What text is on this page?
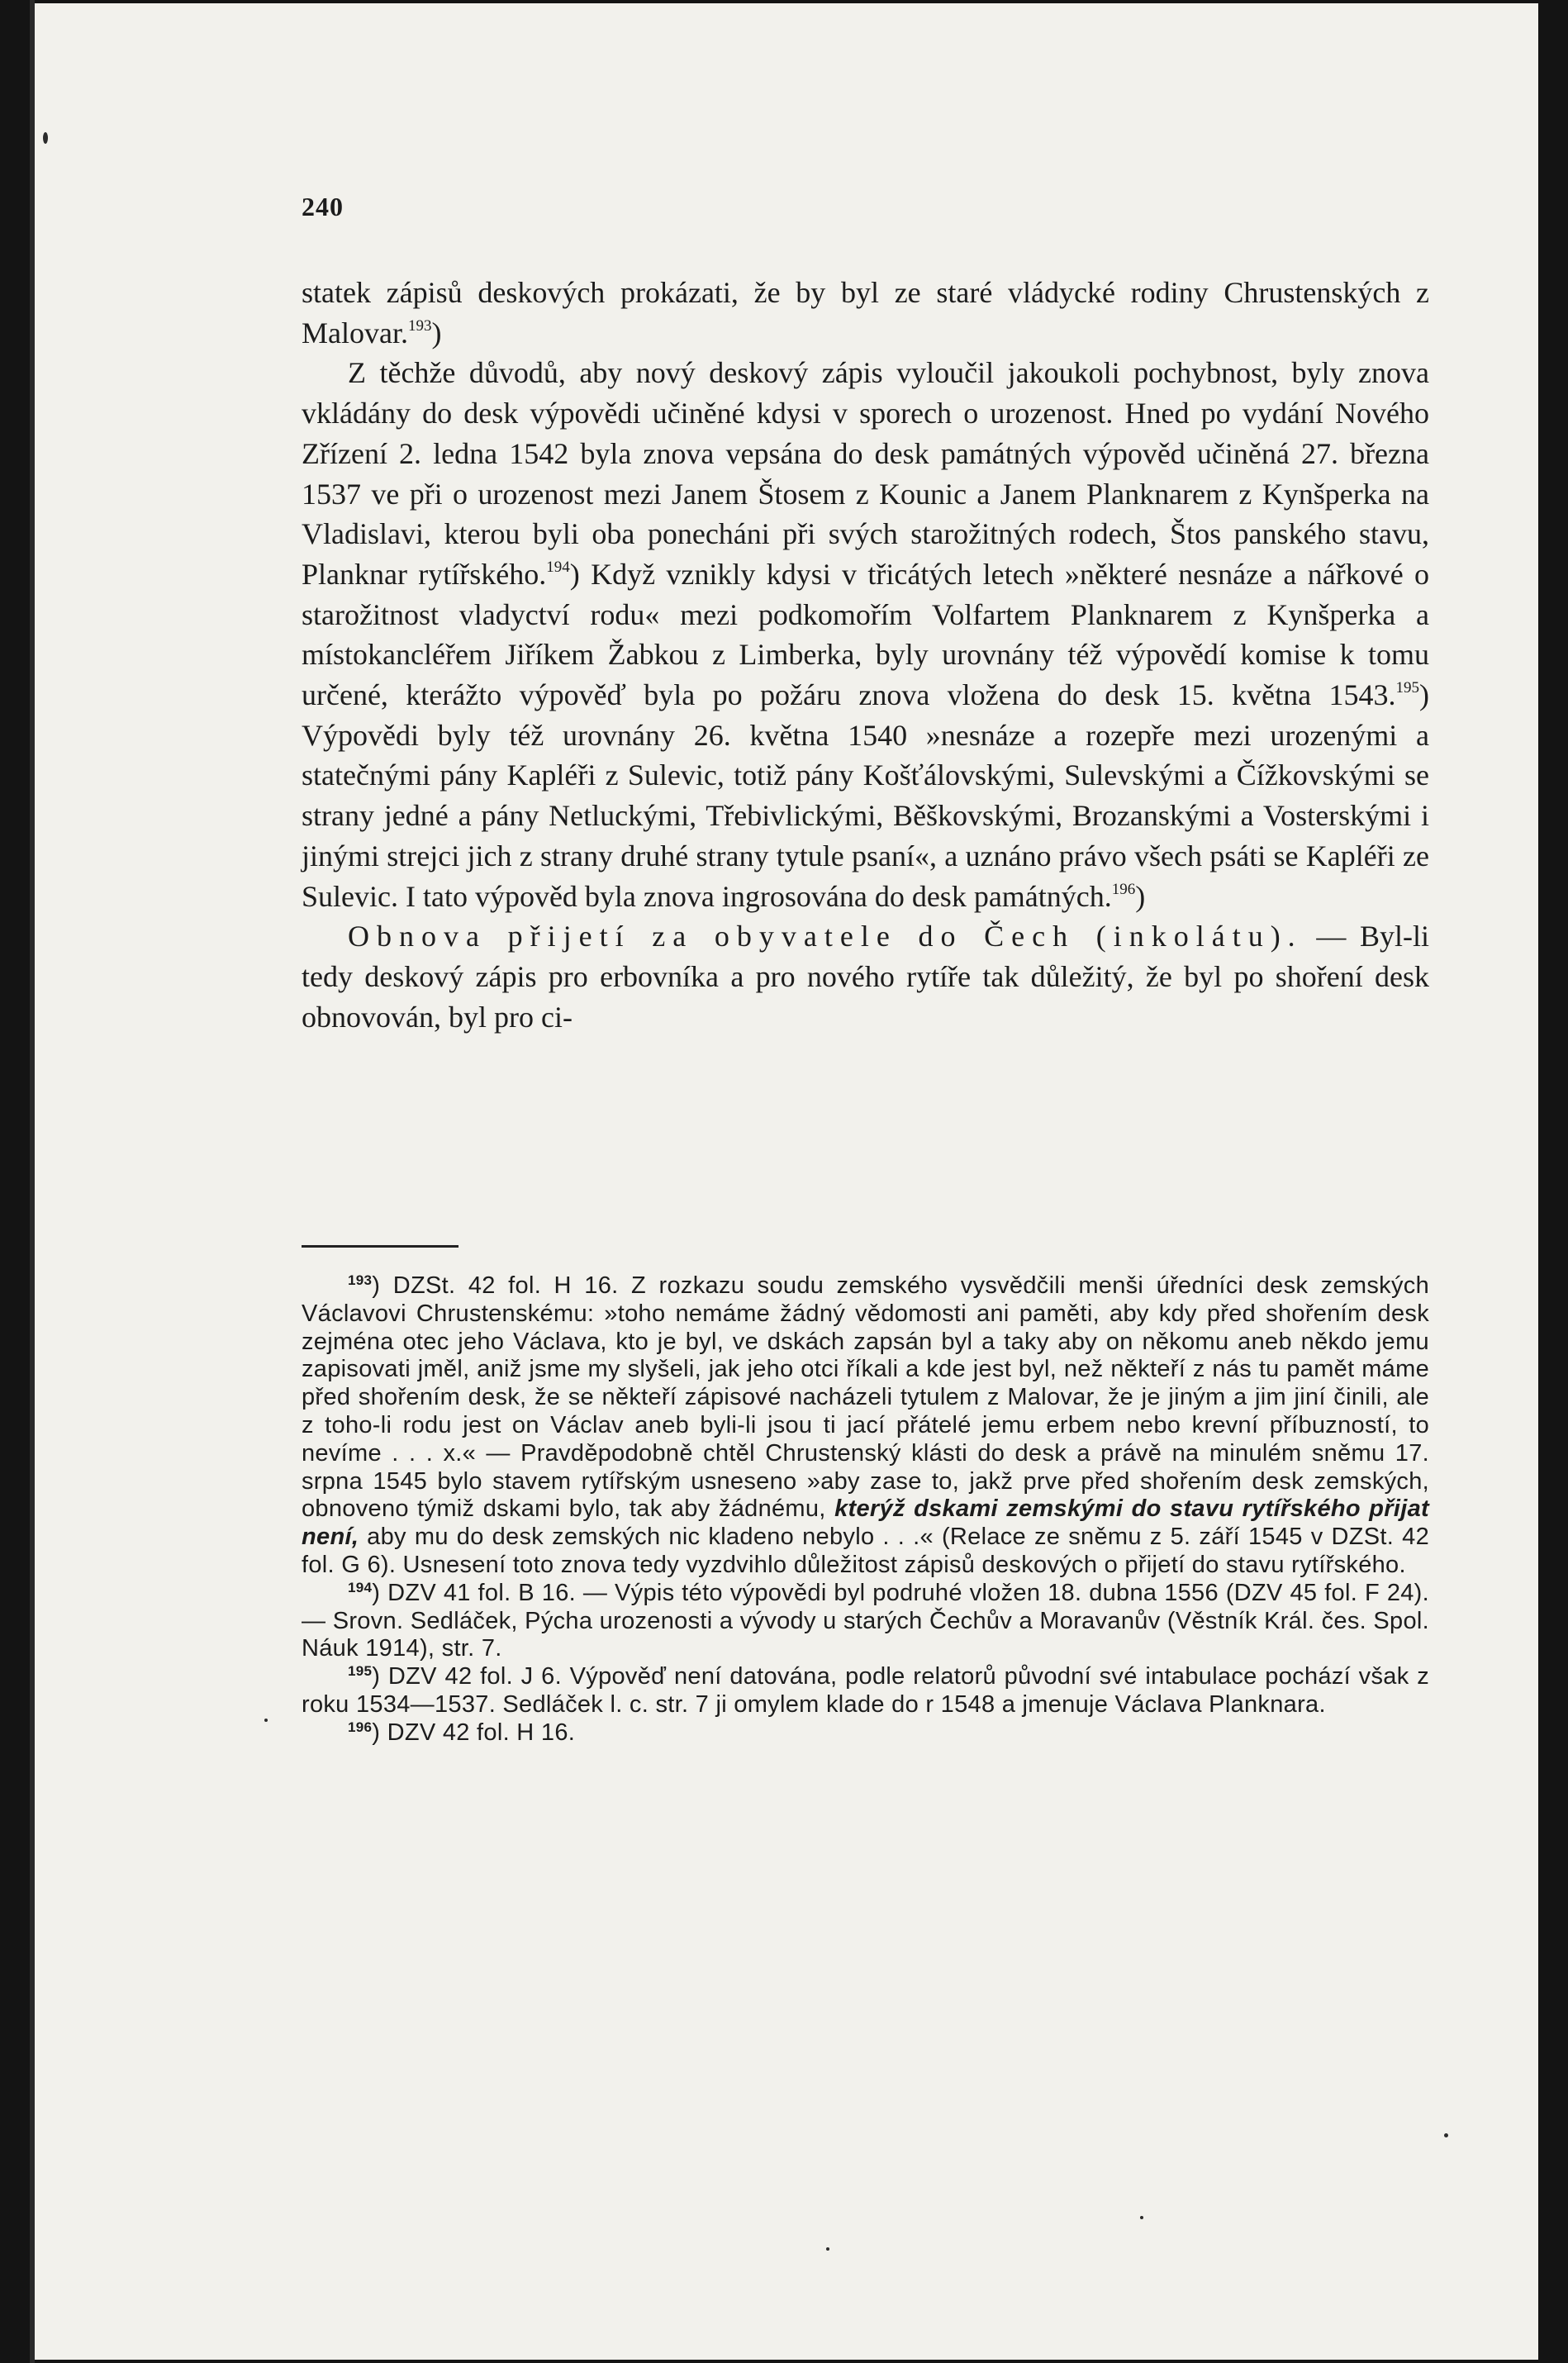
240

statek zápisů deskových prokázati, že by byl ze staré vládycké rodiny Chrustenských z Malovar.$^{193}$)

Z těchže důvodů, aby nový deskový zápis vyloučil jakoukoli pochybnost, byly znova vkládány do desk výpovědi učiněné kdysi v sporech o urozenost. Hned po vydání Nového Zřízení 2. ledna 1542 byla znova vepsána do desk památných výpověd učiněná 27. března 1537 ve při o urozenost mezi Janem Štosem z Kounic a Janem Planknarem z Kynšperka na Vladislavi, kterou byli oba ponecháni při svých starožitných rodech, Štos panského stavu, Planknar rytířského.$^{194}$) Když vznikly kdysi v třicátých letech »některé nesnáze a nářkové o starožitnost vladyctví rodu« mezi podkomořím Volfartem Planknarem z Kynšperka a místokancléřem Jiříkem Žabkou z Limberka, byly urovnány též výpovědí komise k tomu určené, kterážto výpověď byla po požáru znova vložena do desk 15. května 1543.$^{195}$) Výpovědi byly též urovnány 26. května 1540 »nesnáze a rozepře mezi urozenými a statečnými pány Kapléři z Sulevic, totiž pány Košťálovskými, Sulevskými a Čížkovskými se strany jedné a pány Netluckými, Třebivlickými, Běškovskými, Brozanskými a Vosterskými i jinými strejci jich z strany druhé strany tytule psaní«, a uznáno právo všech psáti se Kapléři ze Sulevic. I tato výpověd byla znova ingrosována do desk památných.$^{196}$)

Obnova přijetí za obyvatele do Čech (inkolátu). — Byl-li tedy deskový zápis pro erbovníka a pro nového rytíře tak důležitý, že byl po shoření desk obnovován, byl pro ci-

$^{193}$) DZSt. 42 fol. H 16. Z rozkazu soudu zemského vysvědčili menši úředníci desk zemských Václavovi Chrustenskému: »toho nemáme žádný vědomosti ani paměti, aby kdy před shořením desk zejména otec jeho Václava, kto je byl, ve dskách zapsán byl a taky aby on někomu aneb někdo jemu zapisovati jměl, aniž jsme my slyšeli, jak jeho otci říkali a kde jest byl, než někteří z nás tu pamět máme před shořením desk, že se někteří zápisové nacházeli tytulem z Malovar, že je jiným a jim jiní činili, ale z toho-li rodu jest on Václav aneb byli-li jsou ti jací přátelé jemu erbem nebo krevní příbuzností, to nevíme . . . x.« — Pravděpodobně chtěl Chrustenský klásti do desk a právě na minulém sněmu 17. srpna 1545 bylo stavem rytířským usneseno »aby zase to, jakž prve před shořením desk zemských, obnoveno týmiž dskami bylo, tak aby žádnému, kterýž dskami zemskými do stavu rytířského přijat není, aby mu do desk zemských nic kladeno nebylo . . .« (Relace ze sněmu z 5. září 1545 v DZSt. 42 fol. G 6). Usnesení toto znova tedy vyzdvihlo důležitost zápisů deskových o přijetí do stavu rytířského.

$^{194}$) DZV 41 fol. B 16. — Výpis této výpovědi byl podruhé vložen 18. dubna 1556 (DZV 45 fol. F 24). — Srovn. Sedláček, Pýcha urozenosti a vývody u starých Čechův a Moravanův (Věstník Král. čes. Spol. Náuk 1914), str. 7.

$^{195}$) DZV 42 fol. J 6. Výpověď není datována, podle relatorů původní své intabulace pochází však z roku 1534—1537. Sedláček l. c. str. 7 ji omylem klade do r 1548 a jmenuje Václava Planknara.

$^{196}$) DZV 42 fol. H 16.
